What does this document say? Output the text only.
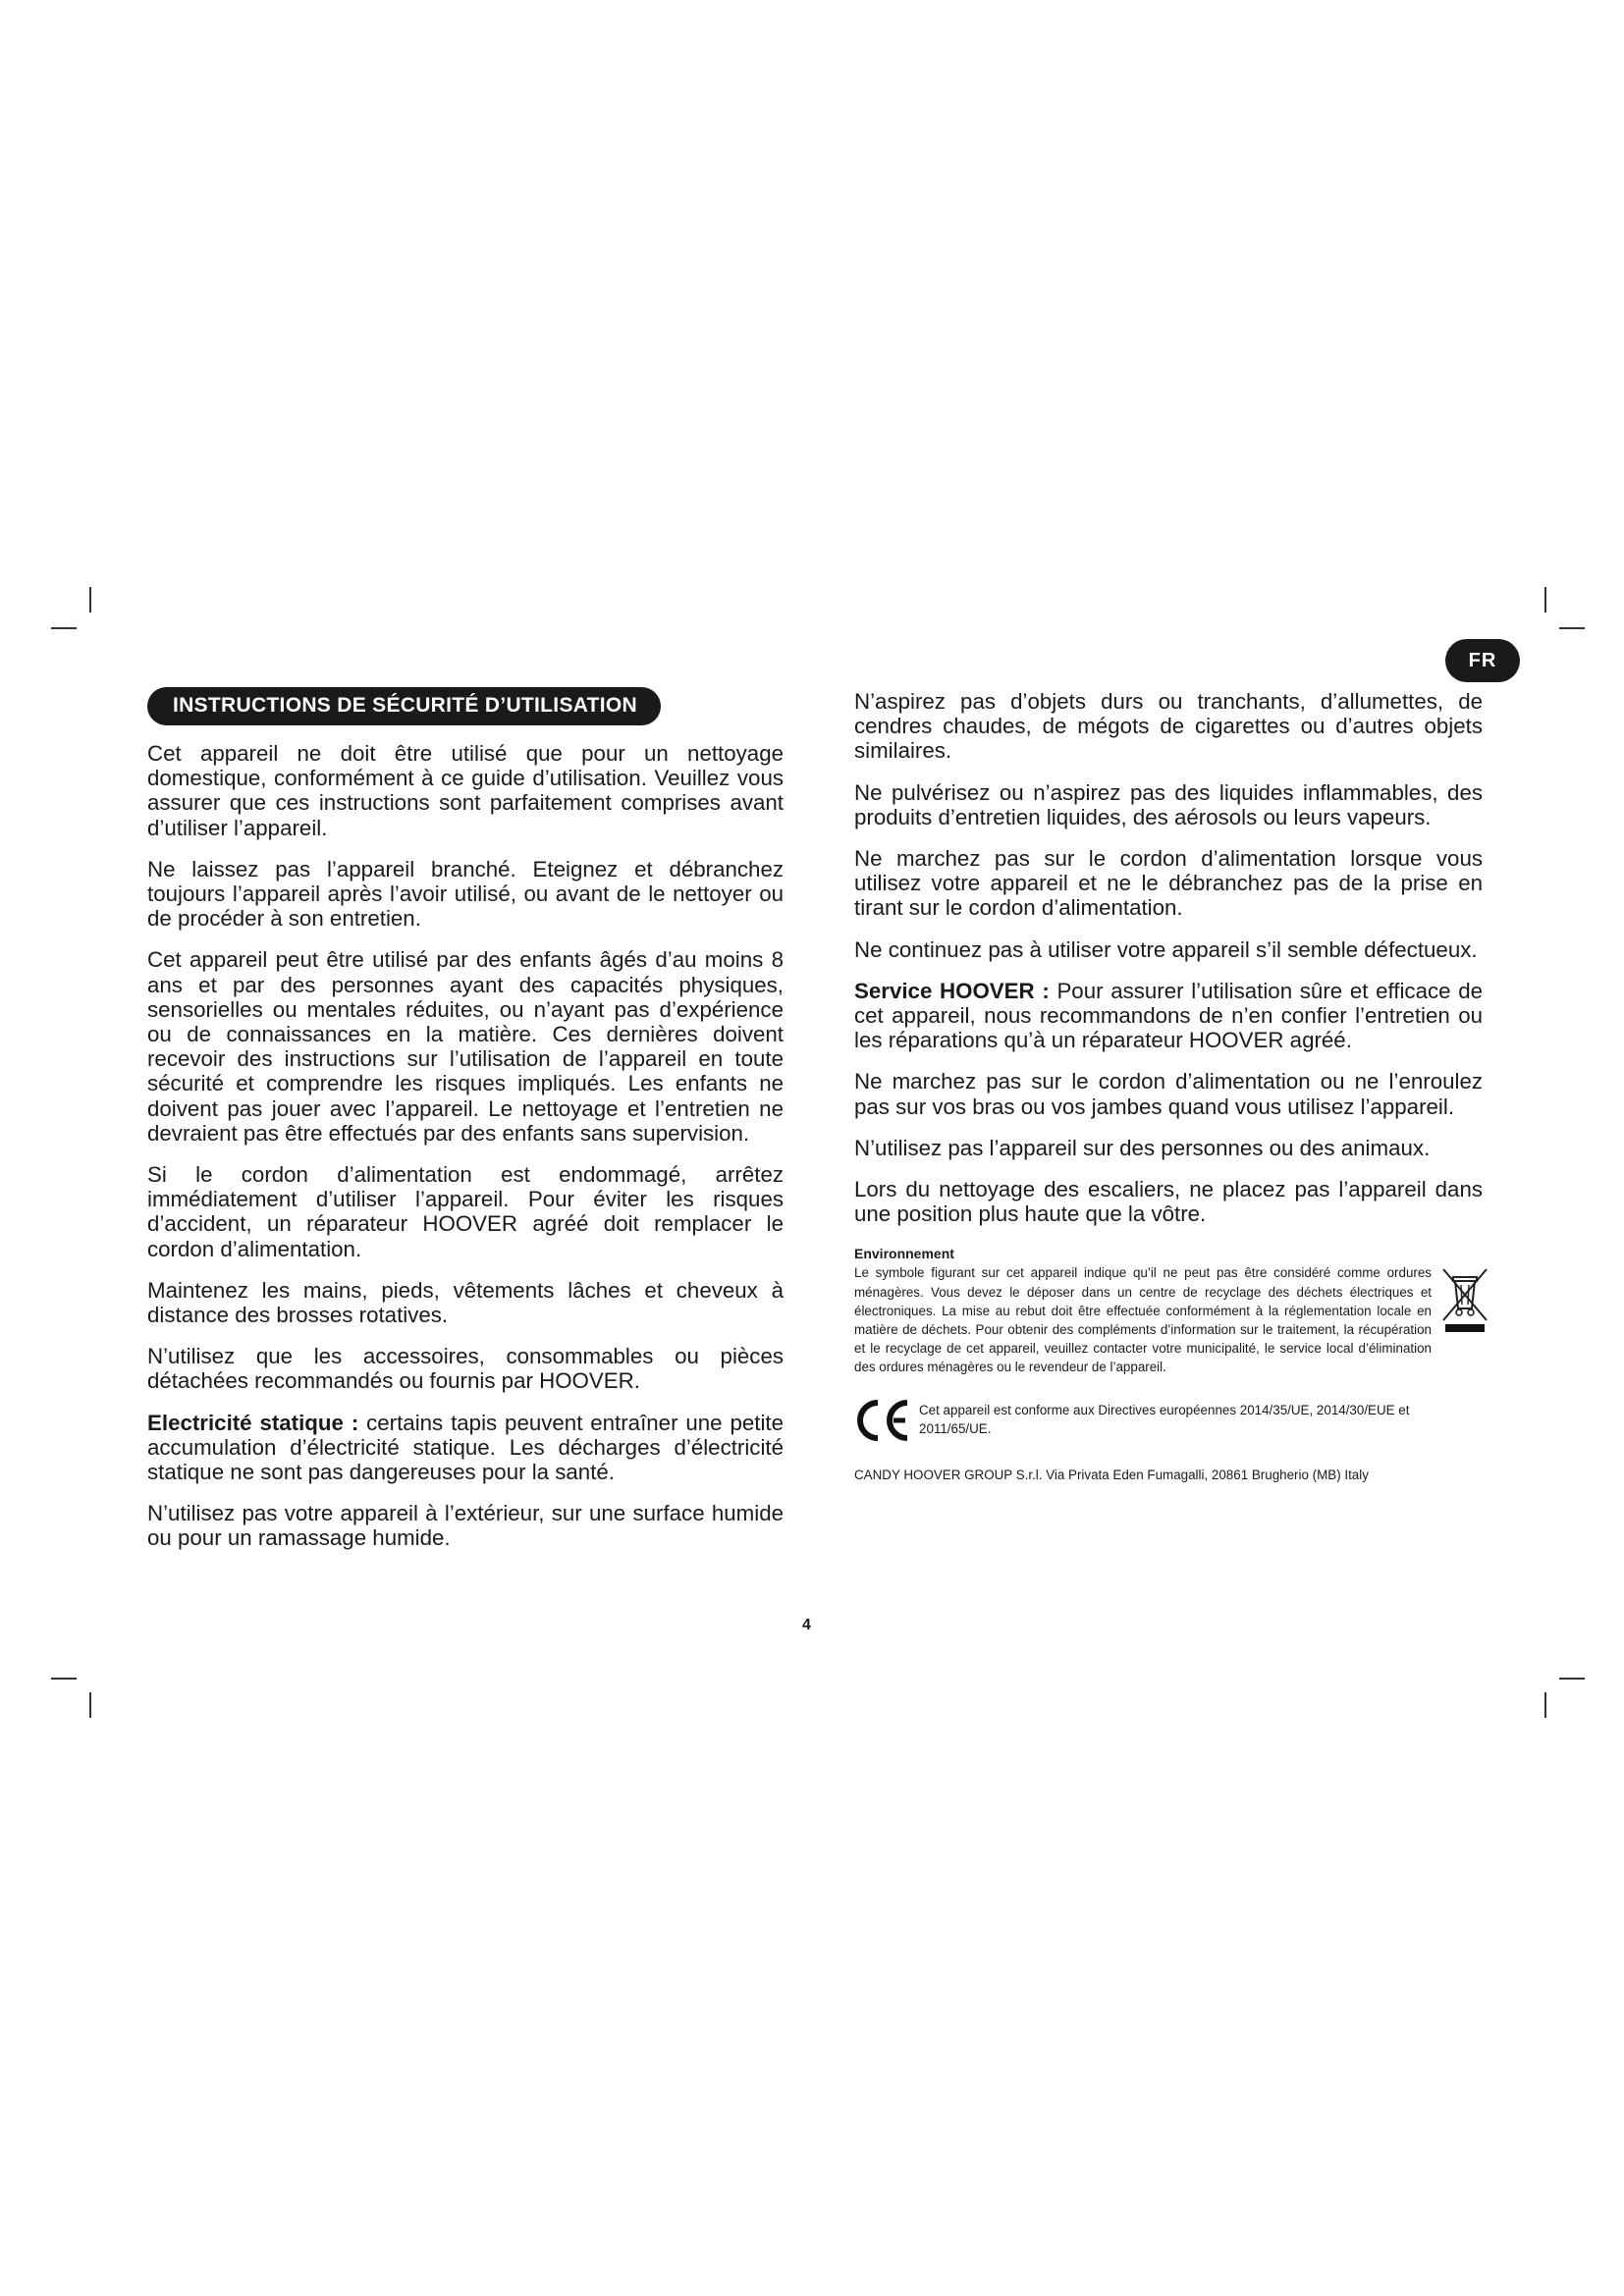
FR
INSTRUCTIONS DE SÉCURITÉ D’UTILISATION

Cet appareil ne doit être utilisé que pour un nettoyage domestique, conformément à ce guide d’utilisation. Veuillez vous assurer que ces instructions sont parfaitement comprises avant d’utiliser l’appareil.

Ne laissez pas l’appareil branché. Eteignez et débranchez toujours l’appareil après l’avoir utilisé, ou avant de le nettoyer ou de procéder à son entretien.

Cet appareil peut être utilisé par des enfants âgés d’au moins 8 ans et par des personnes ayant des capacités physiques, sensorielles ou mentales réduites, ou n’ayant pas d’expérience ou de connaissances en la matière. Ces dernières doivent recevoir des instructions sur l’utilisation de l’appareil en toute sécurité et comprendre les risques impliqués. Les enfants ne doivent pas jouer avec l’appareil. Le nettoyage et l’entretien ne devraient pas être effectués par des enfants sans supervision.

Si le cordon d’alimentation est endommagé, arrêtez immédiatement d’utiliser l’appareil. Pour éviter les risques d’accident, un réparateur HOOVER agréé doit remplacer le cordon d’alimentation.

Maintenez les mains, pieds, vêtements lâches et cheveux à distance des brosses rotatives.

N’utilisez que les accessoires, consommables ou pièces détachées recommandés ou fournis par HOOVER.

Electricité statique : certains tapis peuvent entraîner une petite accumulation d’électricité statique. Les décharges d’électricité statique ne sont pas dangereuses pour la santé.

N’utilisez pas votre appareil à l’extérieur, sur une surface humide ou pour un ramassage humide.

N’aspirez pas d’objets durs ou tranchants, d’allumettes, de cendres chaudes, de mégots de cigarettes ou d’autres objets similaires.

Ne pulvérisez ou n’aspirez pas des liquides inflammables, des produits d’entretien liquides, des aérosols ou leurs vapeurs.

Ne marchez pas sur le cordon d’alimentation lorsque vous utilisez votre appareil et ne le débranchez pas de la prise en tirant sur le cordon d’alimentation.

Ne continuez pas à utiliser votre appareil s’il semble défectueux.

Service HOOVER : Pour assurer l’utilisation sûre et efficace de cet appareil, nous recommandons de n’en confier l’entretien ou les réparations qu’à un réparateur HOOVER agréé.

Ne marchez pas sur le cordon d’alimentation ou ne l’enroulez pas sur vos bras ou vos jambes quand vous utilisez l’appareil.

N’utilisez pas l’appareil sur des personnes ou des animaux.

Lors du nettoyage des escaliers, ne placez pas l’appareil dans une position plus haute que la vôtre.

Environnement

Le symbole figurant sur cet appareil indique qu’il ne peut pas être considéré comme ordures ménagères. Vous devez le déposer dans un centre de recyclage des déchets électriques et électroniques. La mise au rebut doit être effectuée conformément à la réglementation locale en matière de déchets. Pour obtenir des compléments d’information sur le traitement, la récupération et le recyclage de cet appareil, veuillez contacter votre municipalité, le service local d’élimination des ordures ménagères ou le revendeur de l’appareil.

Cet appareil est conforme aux Directives européennes 2014/35/UE, 2014/30/EUE et 2011/65/UE.

CANDY HOOVER GROUP S.r.l. Via Privata Eden Fumagalli, 20861 Brugherio (MB) Italy
4
